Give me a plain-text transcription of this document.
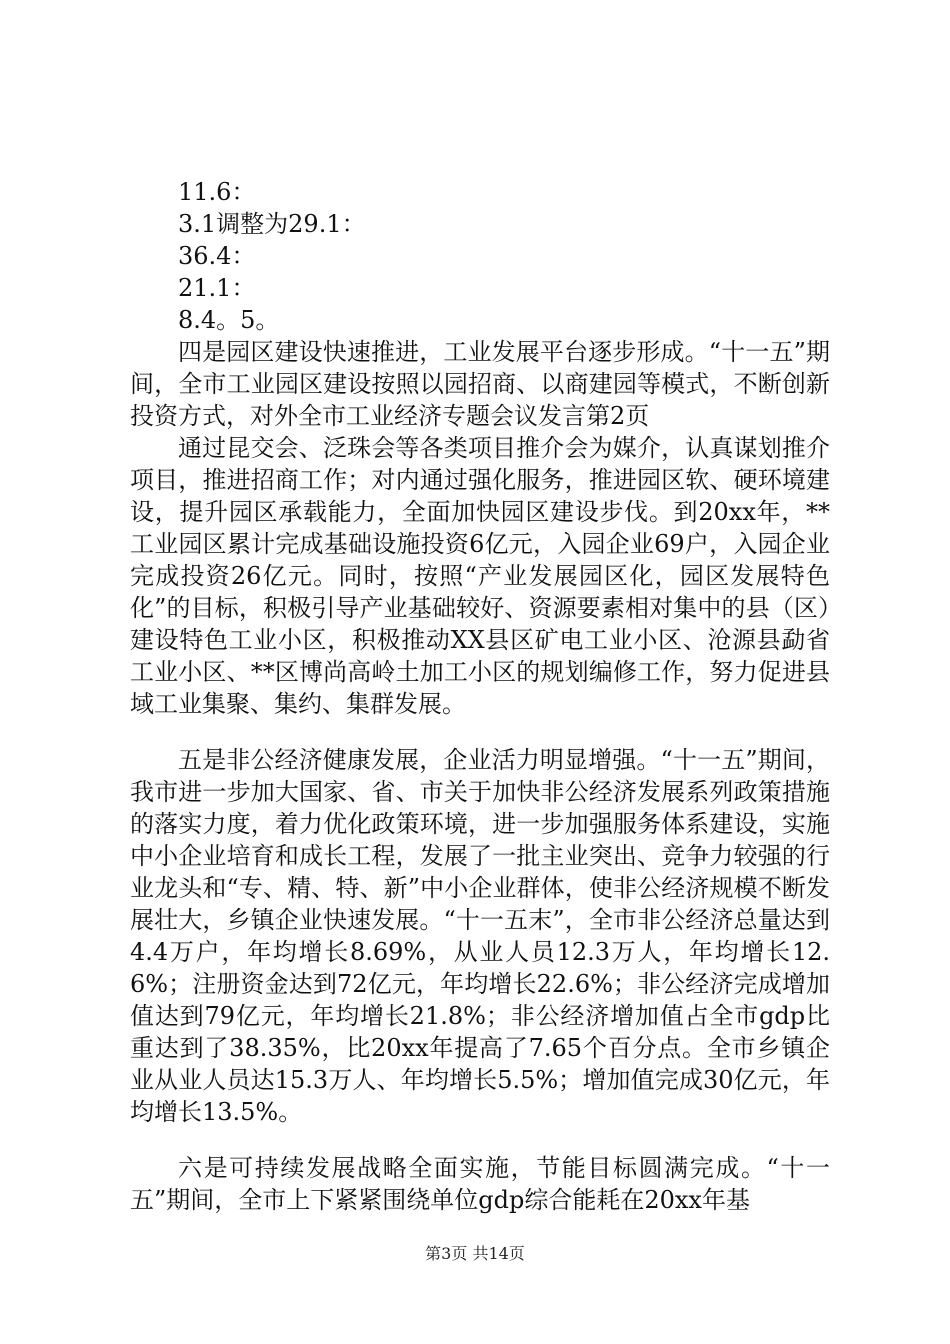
11.6：

3.1调整为29.1：

36.4：

21.1：

8.4。5。

四是园区建设快速推进，工业发展平台逐步形成。“十一五”期间，全市工业园区建设按照以园招商、以商建园等模式，不断创新投资方式，对外全市工业经济专题会议发言第2页

通过昆交会、泛珠会等各类项目推介会为媒介，认真谋划推介项目，推进招商工作；对内通过强化服务，推进园区软、硬环境建设，提升园区承载能力，全面加快园区建设步伐。到20xx年，**工业园区累计完成基础设施投资6亿元，入园企业69户，入园企业完成投资26亿元。同时，按照“产业发展园区化，园区发展特色化”的目标，积极引导产业基础较好、资源要素相对集中的县（区）建设特色工业小区，积极推动XX县区矿电工业小区、沧源县勐省工业小区、**区博尚高岭土加工小区的规划编修工作，努力促进县域工业集聚、集约、集群发展。

五是非公经济健康发展，企业活力明显增强。“十一五”期间，我市进一步加大国家、省、市关于加快非公经济发展系列政策措施的落实力度，着力优化政策环境，进一步加强服务体系建设，实施中小企业培育和成长工程，发展了一批主业突出、竞争力较强的行业龙头和“专、精、特、新”中小企业群体，使非公经济规模不断发展壮大，乡镇企业快速发展。“十一五末”，全市非公经济总量达到4.4万户，年均增长8.69%，从业人员12.3万人，年均增长12.6%；注册资金达到72亿元，年均增长22.6%；非公经济完成增加值达到79亿元，年均增长21.8%；非公经济增加值占全市gdp比重达到了38.35%，比20xx年提高了7.65个百分点。全市乡镇企业从业人员达15.3万人、年均增长5.5%；增加值完成30亿元，年均增长13.5%。

六是可持续发展战略全面实施，节能目标圆满完成。“十一五”期间，全市上下紧紧围绕单位gdp综合能耗在20xx年基

第3页 共14页
